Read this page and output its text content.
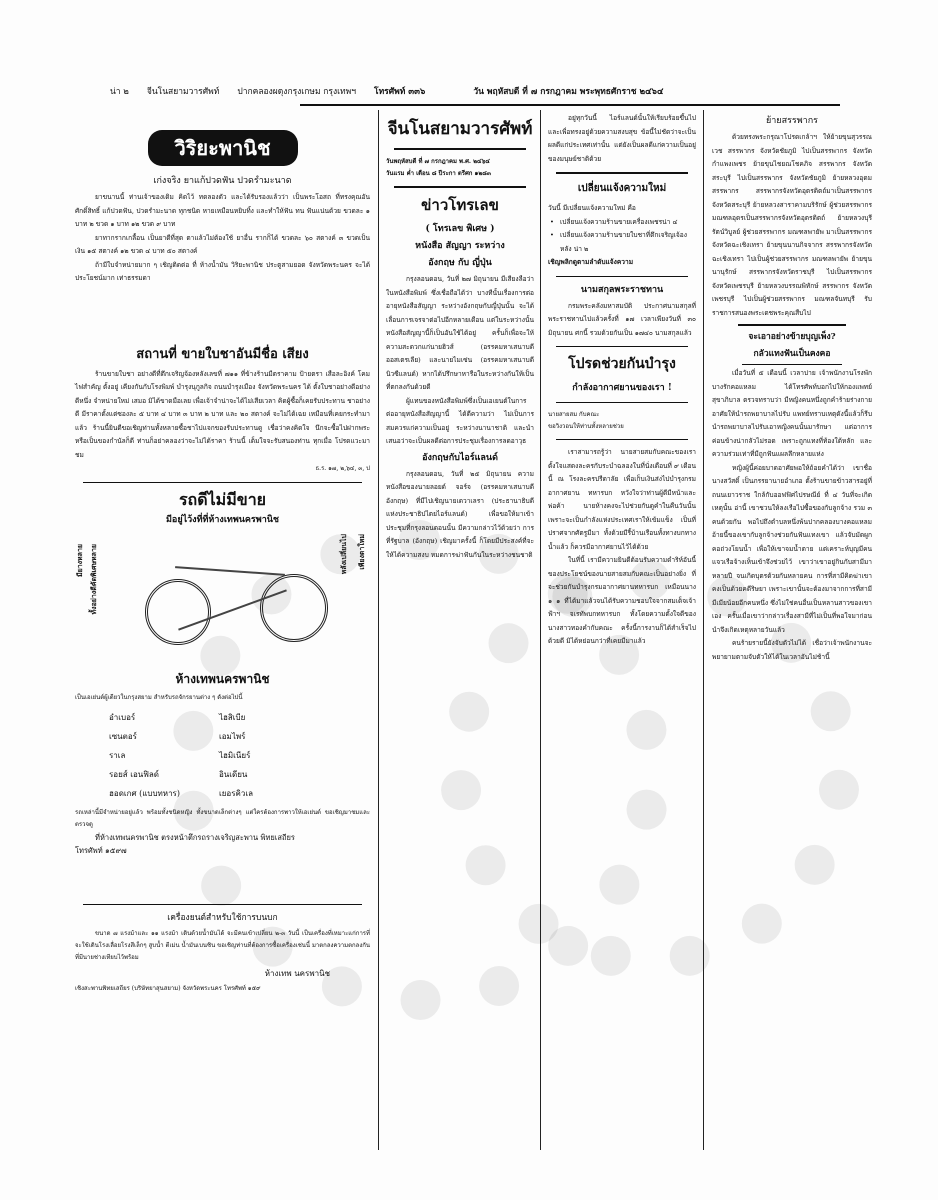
น่า ๒ จีนโนสยามวารศัพท์ ปากคลองผดุงกรุงเกษม กรุงเทพฯ โทรศัพท์ ๓๓๖	วัน พฤหัสบดี ที่ ๗ กรกฎาคม พระพุทธศักราช ๒๔๖๔
วิริยะพานิช
เก่งจริง ยาแก้ปวดฟัน ปวดรำมะนาด

ยาขนานนี้ ท่านเจ้าของเดิม คิดไว้ ทดลองตัว และได้รับรองแล้วว่า เป็นพระโอสถ ที่ทรงคุณอันศักดิ์สิทธิ์ แก้ปวดฟัน, ปวดรำมะนาด ทุกชนิด หายเหมือนหยิบทิ้ง และทำให้ฟัน ทน ฟันแน่นด้วย ขวดละ ๑ บาท ๒ ขวด ๑ บาท ๑๒ ขวด ๙ บาท

ยาทากรากเกลื้อน เป็นยาดีที่สุด ตาแล้วไม่ต้องใช้ ยาอื่น รากก็ได้ ขวดละ ๖๐ สตางค์ ๓ ขวดเป็นเงิน ๑๕ สตางค์ ๑๒ ขวด ๔ บาท ๕๐ สตางค์

ถ้ามีใบจำหน่ายมาก ๆ เชิญติดต่อ ที่ ห้างน้ำมัน วิริยะพานิช ประตูสามยอด จังหวัดพระนคร จะได้ประโยชน์มาก เท่าธรรมดา

สถานที่ ขายใบชาอันมีชื่อ เสียง

ร้านขายใบชา อย่างดีที่ตึกเจริญจ้องหลังเลขที่ ๗๑๑ ที่ข้างร้านมีตราคาม ป้ายตรา เสือละอิงค์ โคมไฟสำคัญ ตั้งอยู่ เคียงกันกับโรงพิมพ์ บำรุงนุกูลกิจ ถนนบำรุงเมือง จังหวัดพระนคร ได้ ตั้งใบชาอย่างดีอย่างดีหนึ่ง จำหน่ายใหม่ เสมอ มิได้ขาดมือเลย เพื่อเจ้าจำน่าจะได้ไม่เสียเวลา คิดผู้ซื้อก็เคยรับประทาน ชาอย่างดี มีราคาตั้งแต่ซองละ ๕ บาท ๔ บาท ๓ บาท ๒ บาท และ ๒๐ สตางค์ จะไม่ได้เฉย เหมือนที่เคยกระทำมาแล้ว ร้านนี้ยินดีขอเชิญท่านทั้งหลายซื้อชาไปแจกของรับประทานดู เชื่อว่าคงคิดใจ นึกจะซื้อไปฝากพระ หรือเป็นของกำนัลก็ดี ท่านก็อย่าคลองว่าจะไม่ได้ราคา ร้านนี้ เต็มใจจะรับสนองท่าน ทุกเมื่อ โปรดแวะมาชม

ธ.ร. ๑๗, ๒,๖๔, ๓, ป
รถดีไม่มีขาย
มีอยู่ไว้งที่ที่ห้างเทพนครพานิช
มียางหลาย ทั้งอย่างดีคัดพิเศษหลาย	หลังเปลี่ยนไป	เพียงตาใหม่
ห้างเทพนครพานิช

เป็นเอเย่นต์ผู้เดียวในกรุงสยาม สำหรับรถจักรยานต่าง ๆ ดังต่อไปนี้

อำเบอร์	ไฮสิเบีย
เซนตอร์	เอมไพร์
ราเล	ไฮมิเนียร์
รอยส์ เอนฟิลด์	อินเดียน
ฮอดเกศ (แบบทหาร)	เยอรคิวเล

รถเหล่านี้มีจำหน่ายอยู่แล้ว พร้อมทั้งชนิดหญิง ทั้งขนาดเล็กต่างๆ แต่ใครต้องการพาวให้เอเย่นต์ ขอเชิญมาชมและตรวจดู

ที่ห้างเทพนครพานิช ตรงหน้าตึกรถรางเจริญสะพาน พิทยเสถียร

โทรศัพท์ ๑๕๙๗

เครื่องยนต์สำหรับใช้การบนบก

ขนาด ๗ แรงม้าและ ๑๑ แรงม้า เดินด้วยน้ำมันได้ จะมีคนเข้าเปลี่ยน ๒-๓ วันนี้ เป็นเครื่องที่เหมาะแก่การที่จะใช้เดินโรงเลื่อยโรงสีเล็กๆ สูบน้ำ ตีเม่น น้ำมันเบนซิน ขอเชิญท่านที่ต้องการซื้อเครื่องเช่นนี้ มาตกลงความตกลงกันที่มีนายช่างเทียบไว้พร้อม

ห้างเทพ นครพานิช

เชิงสะพานพิทยเสถียร (บริษัทยาสุนสยาม) จังหวัดพระนคร โทรศัพท์ ๑๕๙

จีนโนสยามวารศัพท์

วันพฤหัสบดี ที่ ๗ กรกฎาคม พ.ศ. ๒๔๖๔

วันแรม ค่ำ เดือน ๘ ปีระกา ตรีศก ๑๒๘๓

ข่าวโทรเลข
( โทรเลข พิเศษ )
หนังสือ สัญญา ระหว่าง
อังกฤษ กับ ญี่ปุ่น

กรุงลอนดอน, วันที่ ๒๗ มิถุนายน มีเสียงลือว่าในหนังสือพิมพ์ ซึ่งเชื่อถือได้ว่า บางทีนั้นเรื่องการต่ออายุหนังสือสัญญา ระหว่างอังกฤษกับญี่ปุ่นนั้น จะได้เลื่อนการเจรจาต่อไปอีกหลายเดือน แต่ในระหว่างนั้นหนังสือสัญญานี้ก็เป็นอันใช้ได้อยู่ ครั้นก็เพื่อจะให้ความสะดวกแก่นายฮิวส์ (อรรคมหาเสนาบดี ออสเตรเลีย) และนายไมเซ่น (อรรคมหาเสนาบดี นิวซีแลนด์) หากได้ปรึกษาหารือในระหว่างกันให้เป็นที่ตกลงกันด้วยดี

ผู้แทนของหนังสือพิมพ์ซึ่งเป็นเอเยนต์ในการต่ออายุหนังสือสัญญานี้ ได้ตีความว่า ไม่เป็นการสมควรแก่ความเป็นอยู่ ระหว่างนานาชาติ และนำเสนอว่าจะเป็นผลดีต่อการประชุมเรื่องการลดอาวุธ

อังกฤษกับไอร์แลนด์

กรุงลอนดอน, วันที่ ๒๕ มิถุนายน ความหนังสือของนายลอยด์ จอร์จ (อรรคมหาเสนาบดีอังกฤษ) ที่มีไปเชิญนายเดวาเลรา (ประธานาธิบดีแห่งประชาธิปไตยไอร์แลนด์) เพื่อขอให้มาเข้าประชุมที่กรุงลอนดอนนั้น มีความกล่าวไว้ด้วยว่า การที่รัฐบาล (อังกฤษ) เชิญมาครั้งนี้ ก็โดยมีประสงค์ที่จะให้ได้ความสงบ หมดการฆ่าฟันกันในระหว่างชนชาติ

อยู่ทุกวันนี้ ไอร์แลนด์นั้นให้เรียบร้อยขึ้นไป และเพื่อทรงอยู่ด้วยความสงบสุข ข้อนี้ไม่ชัดว่าจะเป็นผลดีแก่ประเทศเท่านั้น แต่ยังเป็นผลดีแก่ความเป็นอยู่ของมนุษย์ชาติด้วย

เปลี่ยนแจ้งความใหม่

วันนี้ มีเปลี่ยนแจ้งความใหม่ คือ

• เปลี่ยนแจ้งความร้านขายเครื่องเพชรน่า ๔

• เปลี่ยนแจ้งความร้านขายใบชาที่ตึกเจริญเจ้องหลัง น่า ๒

เชิญพลิกดูตามลำดับแจ้งความ

นามสกุลพระราชทาน

กรมพระคลังมหาสมบัติ ประกาศนามสกุลที่พระราชทานไปแล้วครั้งที่ ๑๗ เวลาเพียงวันที่ ๓๐ มิถุนายน ศกนี้ รวมด้วยกันเป็น ๑๗๔๐ นามสกุลแล้ว

โปรดช่วยกันบำรุง
กำลังอากาศยานของเรา !

นายสายสม กับคณะ

ขอวิงวอนให้ท่านทั้งหลายช่วย

เราสามารถรู้ว่า นายสายสมกับคณะของเรา ตั้งใจแสดงละครกับระบำฉลองในที่นั่งเดือนที่ ๙ เดือนนี้ ณ โรงละครปรีดาลัย เพื่อเก็บเงินส่งไปบำรุงกรมอากาศยาน ทหารบก หวังใจว่าท่านผู้ดีมีหน้าและพ่อค้า นายห้างคงจะไปช่วยกันดูคำในคืนวันนั้น เพราะจะเป็นกำลังแห่งประเทศเราให้เข้มแข็ง เป็นที่ปราศจากศัตรูมีมา ทั้งด้วยมีรี้บ้านเรือนทั้งทางบกทางน้ำแล้ว ก็ควรมีอากาศยานไว้ได้ด้วย

ในที่นี้ เรามีความยินดีต้อนรับความดำริห์อันนี้ของประโยชน์ของนายสายสมกับคณะเป็นอย่างยิ่ง ที่จะช่วยกันบำรุงกรมอากาศยานทหารบก เหมือนนาง ๑ ๑ ที่ได้มาแล้วจนได้รับความชอบใจจากสมเด็จเจ้าฟ้าฯ จเรทัพบกทหารบก ทั้งโดยความตั้งใจดีของนางสาวทองคำกับคณะ ครั้งนี้การงานก็ได้สำเร็จไปด้วยดี มิได้หย่อนกว่าที่เคยมีมาแล้ว

ย้ายสรรพากร

ด้วยทรงพระกรุณาโปรดเกล้าฯ ให้ย้ายขุนสุวรรณเวช สรรพากร จังหวัดชัยภูมิ ไปเป็นสรรพากร จังหวัดกำแพงเพชร ย้ายขุนไชยณโชคภิจ สรรพากร จังหวัดสระบุรี ไปเป็นสรรพากร จังหวัดชัยภูมิ ย้ายหลวงอุดมสรรพากร สรรพากรจังหวัดอุตรดิตถ์มาเป็นสรรพากร จังหวัดสระบุรี ย้ายหลวงสาราคามบริรักษ์ ผู้ช่วยสรรพากร มณฑลอุดรเป็นสรรพากรจังหวัดอุตรดิตถ์ ย้ายหลวงบุรีรัตน์วิบูลย์ ผู้ช่วยสรรพากร มณฑลพายัพ มาเป็นสรรพากรจังหวัดฉะเชิงเทรา ย้ายขุนนานกิจจากร สรรพากรจังหวัดฉะเชิงเทรา ไปเป็นผู้ช่วยสรรพากร มณฑลพายัพ ย้ายขุนนานุรักษ์ สรรพากรจังหวัดราชบุรี ไปเป็นสรรพากร จังหวัดเพชรบุรี ย้ายหลวงบรรณพิทักษ์ สรรพากร จังหวัดเพชรบุรี ไปเป็นผู้ช่วยสรรพากร มณฑลจันทบุรี รับราชการสนองพระเดชพระคุณสืบไป

จะเอาอย่างข้ายบุญเพ็ง?
กลัวแทงฟันเป็นคงคอ

เมื่อวันที่ ๕ เดือนนี้ เวลาบ่าย เจ้าพนักงานโรงพักบางรักคอแหลม ได้โทรศัพท์บอกไปให้กองแพทย์สุขาภิบาล ตรวจทราบว่า มีหญิงคนหนึ่งถูกคำร้ายร่างกาย อาศัยให้นำรถพยาบาลไปรับ แพทย์ทราบเหตุดังนี้แล้วก็รีบนำรถพยาบาลไปรับเอาหญิงคนนั้นมารักษา แต่อาการค่อนข้างน่ากลัวไม่รอด เพราะถูกแทงที่ท้องใต้หลัก และความร่วมเท่าที่มีถูกฟันแผลลึกหลายแห่ง

หญิงผู้นี้ค่อยบาดอาศัยพอให้ถ้อยคำได้ว่า เขาชื่อนางสวัสดิ์ เป็นภรรยานายอำเภอ ตั้งร้านขายข้าวสารอยู่ที่ถนนเยาวราช ใกล้กับออฟฟิศไปรษณีย์ ที่ ๔ วันที่จะเกิดเหตุนั้น อ่านี้ เขาชวนให้ลงเรือไปซื้อของกับลูกจ้าง รวม ๓ คนด้วยกัน พอไปถึงตำบลหนึ่งพ้นปากคลองบางคอแหลม อ้ายนี้ของเขากับลูกจ้างช่วยกันฟันแทงเขา แล้วจับมัดผูกคอถ่วงโยนน้ำ เพื่อให้เขาจมน้ำตาย แต่เคราะห์บุญมีคนแจวเรือจ้างเห็นเข้าจึงช่วยไว้ เขาว่าเขาอยู่กินกับสามีมาหลายปี จนเกิดบุตรด้วยกันหลายคน การที่สามีคิดฆ่าเขาคงเป็นด้วยคดีริษยา เพราะเขานั้นจะต้องมาจากการที่สามีมีเมียน้อยอีกคนหนึ่ง ซึ่งไม่ใช่คนอื่นเป็นหลานสาวของเขาเอง ครั้นเมื่อเขาว่ากล่าวเรื่องสามีที่ไม่เป็นที่พอใจมาก่อน นำจึงเกิดเหตุหลายวันแล้ว

คนร้ายรายนี้ยังจับตัวไม่ได้ เชื่อว่าเจ้าพนักงานจะพยายามตามจับตัวให้ได้ในเวลาอันไม่ช้านี้
